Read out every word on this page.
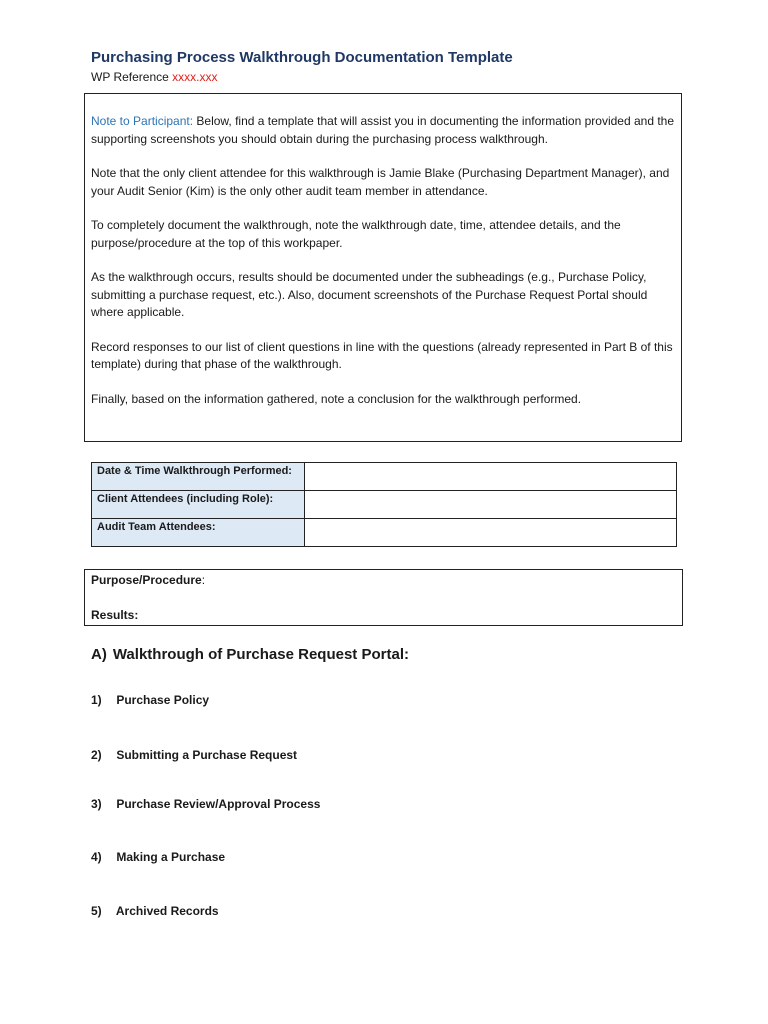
Purchasing Process Walkthrough Documentation Template
WP Reference xxxx.xxx

Note to Participant: Below, find a template that will assist you in documenting the information provided and the supporting screenshots you should obtain during the purchasing process walkthrough.

Note that the only client attendee for this walkthrough is Jamie Blake (Purchasing Department Manager), and your Audit Senior (Kim) is the only other audit team member in attendance.

To completely document the walkthrough, note the walkthrough date, time, attendee details, and the purpose/procedure at the top of this workpaper.

As the walkthrough occurs, results should be documented under the subheadings (e.g., Purchase Policy, submitting a purchase request, etc.). Also, document screenshots of the Purchase Request Portal should where applicable.

Record responses to our list of client questions in line with the questions (already represented in Part B of this template) during that phase of the walkthrough.

Finally, based on the information gathered, note a conclusion for the walkthrough performed.

Date & Time Walkthrough Performed:	
Client Attendees (including Role):	
Audit Team Attendees:	
Purpose/Procedure:
Results:
A) Walkthrough of Purchase Request Portal:
1) Purchase Policy
2) Submitting a Purchase Request
3) Purchase Review/Approval Process
4) Making a Purchase
5) Archived Records
